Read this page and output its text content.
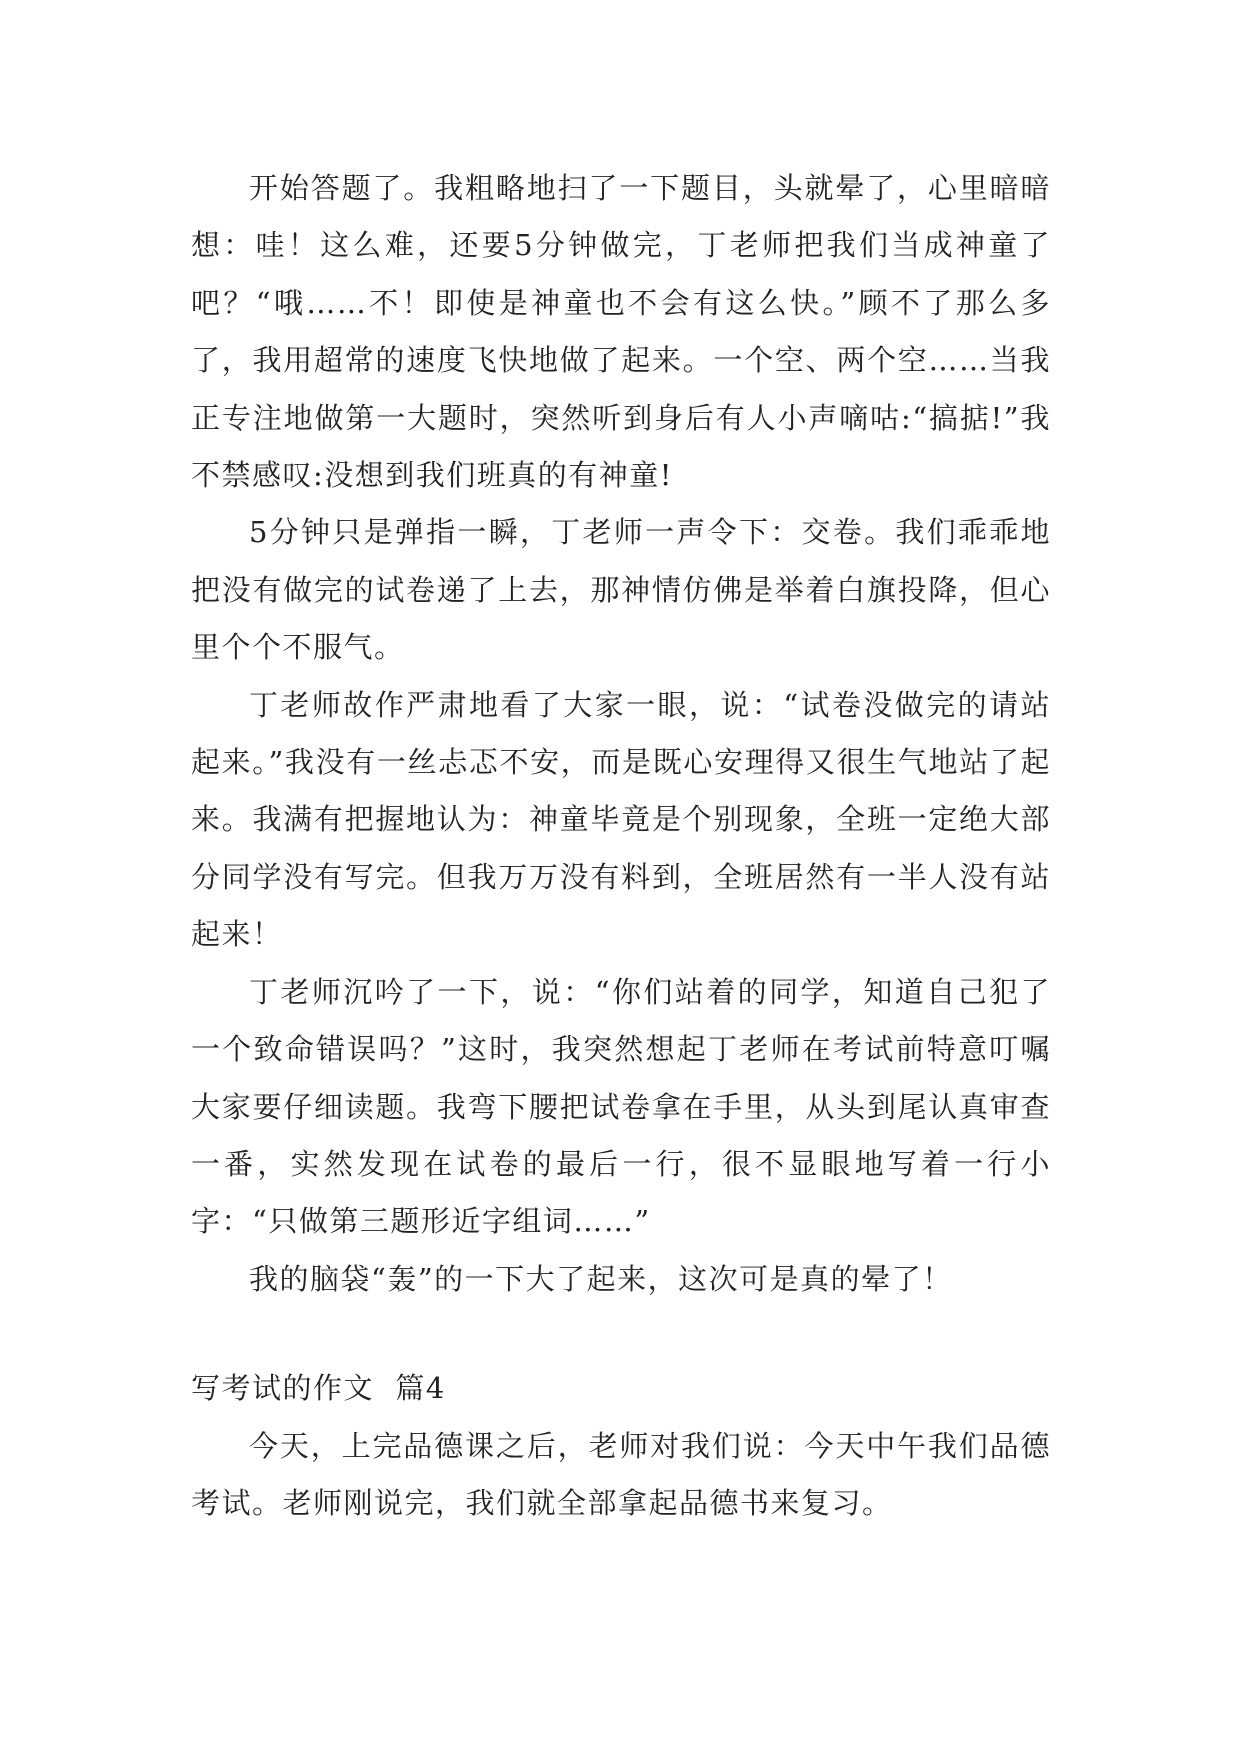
开始答题了。我粗略地扫了一下题目，头就晕了，心里暗暗想：哇！这么难，还要5分钟做完，丁老师把我们当成神童了吧？“哦……不！即使是神童也不会有这么快。”顾不了那么多了，我用超常的速度飞快地做了起来。一个空、两个空……当我正专注地做第一大题时，突然听到身后有人小声嘀咕:“搞掂!”我不禁感叹:没想到我们班真的有神童!

5分钟只是弹指一瞬，丁老师一声令下：交卷。我们乖乖地把没有做完的试卷递了上去，那神情仿佛是举着白旗投降，但心里个个不服气。

丁老师故作严肃地看了大家一眼，说：“试卷没做完的请站起来。”我没有一丝忐忑不安，而是既心安理得又很生气地站了起来。我满有把握地认为：神童毕竟是个别现象，全班一定绝大部分同学没有写完。但我万万没有料到，全班居然有一半人没有站起来！

丁老师沉吟了一下，说：“你们站着的同学，知道自己犯了一个致命错误吗？”这时，我突然想起丁老师在考试前特意叮嘱大家要仔细读题。我弯下腰把试卷拿在手里，从头到尾认真审查一番，实然发现在试卷的最后一行，很不显眼地写着一行小字：“只做第三题形近字组词……”

我的脑袋“轰”的一下大了起来，这次可是真的晕了！

写考试的作文  篇4

今天，上完品德课之后，老师对我们说：今天中午我们品德考试。老师刚说完，我们就全部拿起品德书来复习。
